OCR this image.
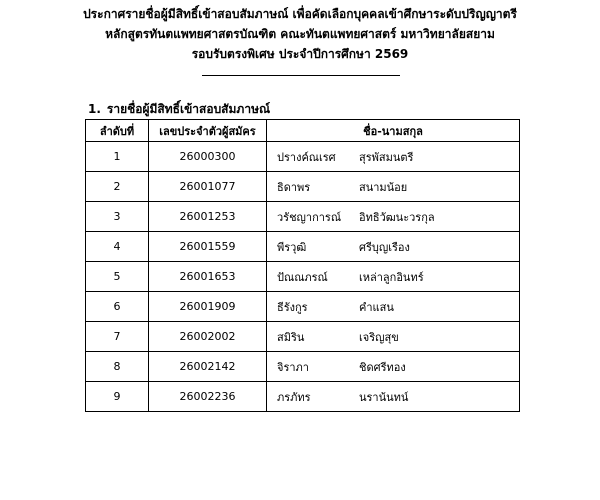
ประกาศรายชื่อผู้มีสิทธิ์เข้าสอบสัมภาษณ์ เพื่อคัดเลือกบุคคลเข้าศึกษาระดับปริญญาตรี
หลักสูตรทันตแพทยศาสตรบัณฑิต คณะทันตแพทยศาสตร์ มหาวิทยาลัยสยาม
รอบรับตรงพิเศษ ประจำปีการศึกษา 2569
1. รายชื่อผู้มีสิทธิ์เข้าสอบสัมภาษณ์
ลำดับที่	เลขประจำตัวผู้สมัคร	ชื่อ-นามสกุล
1	26000300	ปรางค์ณเรศ สุรพัสมนตรี
2	26001077	ธิดาพร สนามน้อย
3	26001253	วรัชญาการณ์ อิทธิวัฒนะวรกุล
4	26001559	พีรวุฒิ ศรีบุญเรือง
5	26001653	ปัณณภรณ์ เหล่าลูกอินทร์
6	26001909	ธีรังกูร คำแสน
7	26002002	สมิริน เจริญสุข
8	26002142	จิราภา ชิดศรีทอง
9	26002236	ภรภัทร นราน้นทน์
